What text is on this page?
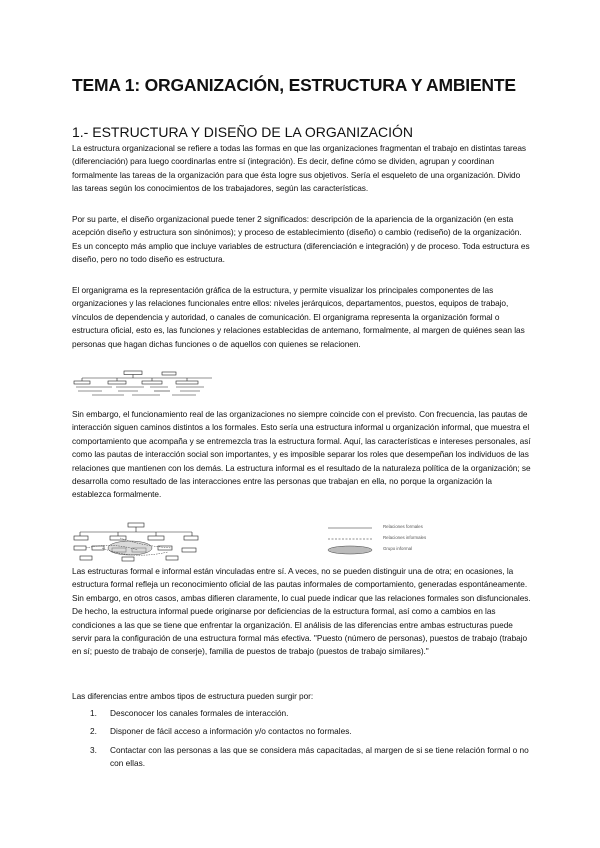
TEMA 1: ORGANIZACIÓN, ESTRUCTURA Y AMBIENTE
1.- ESTRUCTURA Y DISEÑO DE LA ORGANIZACIÓN

La estructura organizacional se refiere a todas las formas en que las organizaciones fragmentan el trabajo en distintas tareas (diferenciación) para luego coordinarlas entre sí (integración). Es decir, define cómo se dividen, agrupan y coordinan formalmente las tareas de la organización para que ésta logre sus objetivos. Sería el esqueleto de una organización. Divido las tareas según los conocimientos de los trabajadores, según las características.

Por su parte, el diseño organizacional puede tener 2 significados: descripción de la apariencia de la organización (en esta acepción diseño y estructura son sinónimos); y proceso de establecimiento (diseño) o cambio (rediseño) de la organización. Es un concepto más amplio que incluye variables de estructura (diferenciación e integración) y de proceso. Toda estructura es diseño, pero no todo diseño es estructura.

El organigrama es la representación gráfica de la estructura, y permite visualizar los principales componentes de las organizaciones y las relaciones funcionales entre ellos: niveles jerárquicos, departamentos, puestos, equipos de trabajo, vínculos de dependencia y autoridad, o canales de comunicación. El organigrama representa la organización formal o estructura oficial, esto es, las funciones y relaciones establecidas de antemano, formalmente, al margen de quiénes sean las personas que hagan dichas funciones o de aquellos con quienes se relacionen.

Sin embargo, el funcionamiento real de las organizaciones no siempre coincide con el previsto. Con frecuencia, las pautas de interacción siguen caminos distintos a los formales. Esto sería una estructura informal u organización informal, que muestra el comportamiento que acompaña y se entremezcla tras la estructura formal. Aquí, las características e intereses personales, así como las pautas de interacción social son importantes, y es imposible separar los roles que desempeñan los individuos de las relaciones que mantienen con los demás. La estructura informal es el resultado de la naturaleza política de la organización; se desarrolla como resultado de las interacciones entre las personas que trabajan en ella, no porque la organización la establezca formalmente.

Relaciones formales
Relaciones informales
Grupo informal

Las estructuras formal e informal están vinculadas entre sí. A veces, no se pueden distinguir una de otra; en ocasiones, la estructura formal refleja un reconocimiento oficial de las pautas informales de comportamiento, generadas espontáneamente. Sin embargo, en otros casos, ambas difieren claramente, lo cual puede indicar que las relaciones formales son disfuncionales. De hecho, la estructura informal puede originarse por deficiencias de la estructura formal, así como a cambios en las condiciones a las que se tiene que enfrentar la organización. El análisis de las diferencias entre ambas estructuras puede servir para la configuración de una estructura formal más efectiva. "Puesto (número de personas), puestos de trabajo (trabajo en sí; puesto de trabajo de conserje), familia de puestos de trabajo (puestos de trabajo similares)."

Las diferencias entre ambos tipos de estructura pueden surgir por:

1. Desconocer los canales formales de interacción.
2. Disponer de fácil acceso a información y/o contactos no formales.
3. Contactar con las personas a las que se considera más capacitadas, al margen de si se tiene relación formal o no con ellas.
